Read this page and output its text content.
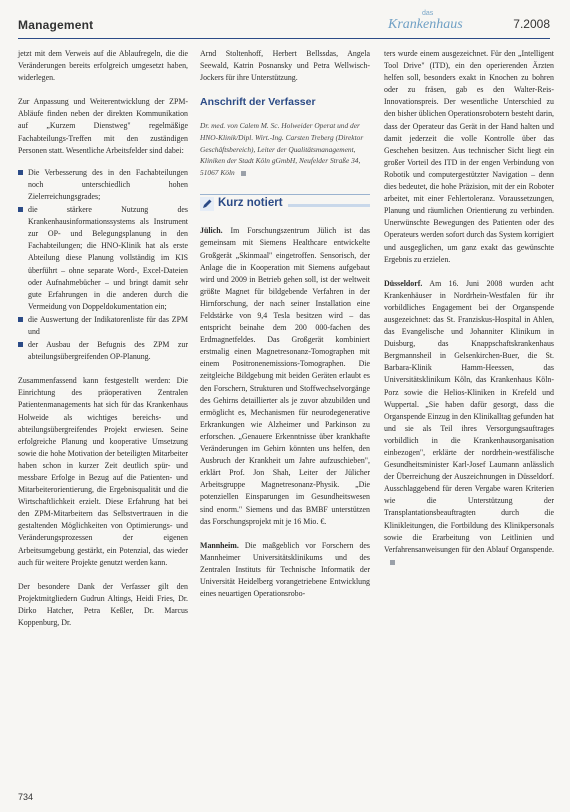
Management
das
Krankenhaus	7.2008

jetzt mit dem Verweis auf die Ablaufregeln, die die Veränderungen bereits erfolgreich umgesetzt haben, widerlegen.

Zur Anpassung und Weiterentwicklung der ZPM-Abläufe finden neben der direkten Kommunikation auf „Kurzem Dienstweg" regelmäßige Fachabteilungs-Treffen mit den zuständigen Personen statt. Wesentliche Arbeitsfelder sind dabei:

Die Verbesserung des in den Fachabteilungen noch unterschiedlich hohen Zielerreichungsgrades;
die stärkere Nutzung des Krankenhausinformationssystems als Instrument zur OP- und Belegungsplanung in den Fachabteilungen; die HNO-Klinik hat als erste Abteilung diese Planung vollständig im KIS überführt – ohne separate Word-, Excel-Dateien oder Aufnahmebücher – und bringt damit sehr gute Erfahrungen in die anderen durch die Vermeidung von Doppeldokumentation ein;
die Auswertung der Indikatorenliste für das ZPM und
der Ausbau der Befugnis des ZPM zur abteilungsübergreifenden OP-Planung.

Zusammenfassend kann festgestellt werden: Die Einrichtung des präoperativen Zentralen Patientenmanagements hat sich für das Krankenhaus Holweide als wichtiges bereichs- und abteilungsübergreifendes Projekt erwiesen. Seine erfolgreiche Planung und kooperative Umsetzung sowie die hohe Motivation der beteiligten Mitarbeiter haben schon in kurzer Zeit deutlich spür- und messbare Erfolge in Bezug auf die Patienten- und Mitarbeiterorientierung, die Ergebnisqualität und die Wirtschaftlichkeit erzielt. Diese Erfahrung hat bei den ZPM-Mitarbeitern das Selbstvertrauen in die gestaltenden Möglichkeiten von Optimierungs- und Veränderungsprozessen der eigenen Arbeitsumgebung gestärkt, ein Potenzial, das wieder auch für weitere Projekte genutzt werden kann.

Der besondere Dank der Verfasser gilt den Projektmitgliedern Gudrun Altings, Heidi Fries, Dr. Dirko Hatcher, Petra Keßler, Dr. Marcus Koppenburg, Dr.

Arnd Stoltenhoff, Herbert Bellssdas, Angela Seewald, Katrin Posnansky und Petra Wellwisch-Jockers für ihre Unterstützung.

Anschrift der Verfasser

Dr. med. von Calem M. Sc. Holweider Operat und der HNO-Klinik/Dipl. Wirt.-Ing. Carsten Treberg (Direktor Geschäftsbereich), Leiter der Qualitätsmanagement, Kliniken der Stadt Köln gGmbH, Neufelder Straße 34, 51067 Köln

Kurz notiert

Jülich. Im Forschungszentrum Jülich ist das gemeinsam mit Siemens Healthcare entwickelte Großgerät „Skinmaal" eingetroffen. Sensorisch, der Anlage die in Kooperation mit Siemens aufgebaut wird und 2009 in Betrieb gehen soll, ist der weltweit größte Magnet für bildgebende Verfahren in der Hirnforschung, der nach seiner Installation eine Feldstärke von 9,4 Tesla besitzen wird – das entspricht beinahe dem 200 000-fachen des Erdmagnetfeldes. Das Großgerät kombiniert erstmalig einen Magnetresonanz-Tomographen mit einem Positronenemissions-Tomographen. Die zeitgleiche Bildgebung mit beiden Geräten erlaubt es den Forschern, Strukturen und Stoffwechselvorgänge des Gehirns detaillierter als je zuvor abzubilden und ermöglicht es, Mechanismen für neurodegenerative Erkrankungen wie Alzheimer und Parkinson zu erforschen. „Genauere Erkenntnisse über krankhafte Veränderungen im Gehirn könnten uns helfen, den Ausbruch der Krankheit um Jahre aufzuschieben", erklärt Prof. Jon Shah, Leiter der Jülicher Arbeitsgruppe Magnetresonanz-Physik. „Die potenziellen Einsparungen im Gesundheitswesen sind enorm." Siemens und das BMBF unterstützen das Forschungsprojekt mit je 16 Mio. €.

Mannheim. Die maßgeblich vor Forschern des Mannheimer Universitätsklinikums und des Zentralen Instituts für Technische Informatik der Universität Heidelberg vorangetriebene Entwicklung eines neuartigen Operationsrobo-

ters wurde einem ausgezeichnet. Für den „Intelligent Tool Drive" (ITD), ein den operierenden Ärzten helfen soll, besonders exakt in Knochen zu bohren oder zu fräsen, gab es den Walter-Reis-Innovationspreis. Der wesentliche Unterschied zu den bisher üblichen Operationsrobotern besteht darin, dass der Operateur das Gerät in der Hand halten und damit jederzeit die volle Kontrolle über das Geschehen besitzen. Aus technischer Sicht liegt ein großer Vorteil des ITD in der engen Verbindung von Robotik und computergestützter Navigation – denn dies bedeutet, die hohe Präzision, mit der ein Roboter arbeitet, mit einer Fehlertoleranz. Voraussetzungen, Planung und räumlichen Orientierung zu verbinden. Unerwünschte Bewegungen des Patienten oder des Operateurs werden sofort durch das System korrigiert und ausgeglichen, um ganz exakt das gewünschte Ergebnis zu erzielen.

Düsseldorf. Am 16. Juni 2008 wurden acht Krankenhäuser in Nordrhein-Westfalen für ihr vorbildliches Engagement bei der Organspende ausgezeichnet: das St. Franziskus-Hospital in Ahlen, das Evangelische und Johanniter Klinikum in Duisburg, das Knappschaftskrankenhaus Bergmannsheil in Gelsenkirchen-Buer, die St. Barbara-Klinik Hamm-Heessen, das Universitätsklinikum Köln, das Krankenhaus Köln-Porz sowie die Helios-Kliniken in Krefeld und Wuppertal. „Sie haben dafür gesorgt, dass die Organspende Einzug in den Klinikalltag gefunden hat und sie als Teil ihres Versorgungsauftrages vorbildlich in die Krankenhausorganisation einbezogen", erklärte der nordrhein-westfälische Gesundheitsminister Karl-Josef Laumann anlässlich der Überreichung der Auszeichnungen in Düsseldorf. Ausschlaggebend für deren Vergabe waren Kriterien wie die Unterstützung der Transplantationsbeauftragten durch die Klinikleitungen, die Fortbildung des Klinikpersonals sowie die Erarbeitung von Leitlinien und Verfahrensanweisungen für den Ablauf Organspende.

734
